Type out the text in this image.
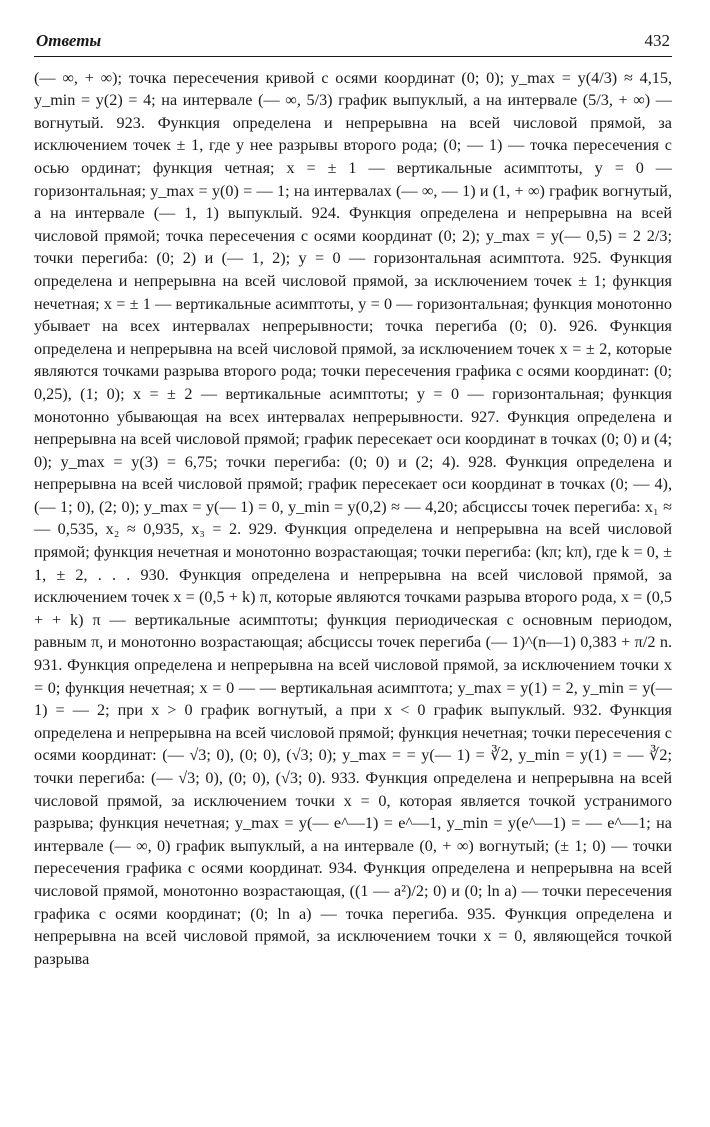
Ответы	432

(— ∞, + ∞); точка пересечения кривой с осями координат (0; 0); y_max = y(4/3) ≈ 4,15, y_min = y(2) = 4; на интервале (— ∞, 5/3) график выпуклый, а на интервале (5/3, + ∞) — вогнутый. 923. Функция определена и непрерывна на всей числовой прямой, за исключением точек ± 1, где у нее разрывы второго рода; (0; — 1) — точка пересечения с осью ординат; функция четная; x = ± 1 — вертикальные асимптоты, y = 0 — горизонтальная; y_max = y(0) = — 1; на интервалах (— ∞, — 1) и (1, + ∞) график вогнутый, а на интервале (— 1, 1) выпуклый. 924. Функция определена и непрерывна на всей числовой прямой; точка пересечения с осями координат (0; 2); y_max = y(— 0,5) = 2 2/3; точки перегиба: (0; 2) и (— 1, 2); y = 0 — горизонтальная асимптота. 925. Функция определена и непрерывна на всей числовой прямой, за исключением точек ± 1; функция нечетная; x = ± 1 — вертикальные асимптоты, y = 0 — горизонтальная; функция монотонно убывает на всех интервалах непрерывности; точка перегиба (0; 0). 926. Функция определена и непрерывна на всей числовой прямой, за исключением точек x = ± 2, которые являются точками разрыва второго рода; точки пересечения графика с осями координат: (0; 0,25), (1; 0); x = ± 2 — вертикальные асимптоты; y = 0 — горизонтальная; функция монотонно убывающая на всех интервалах непрерывности. 927. Функция определена и непрерывна на всей числовой прямой; график пересекает оси координат в точках (0; 0) и (4; 0); y_max = y(3) = 6,75; точки перегиба: (0; 0) и (2; 4). 928. Функция определена и непрерывна на всей числовой прямой; график пересекает оси координат в точках (0; — 4), (— 1; 0), (2; 0); y_max = y(— 1) = 0, y_min = y(0,2) ≈ — 4,20; абсциссы точек перегиба: x₁ ≈ — 0,535, x₂ ≈ 0,935, x₃ = 2. 929. Функция определена и непрерывна на всей числовой прямой; функция нечетная и монотонно возрастающая; точки перегиба: (kπ; kπ), где k = 0, ± 1, ± 2, . . . 930. Функция определена и непрерывна на всей числовой прямой, за исключением точек x = (0,5 + k) π, которые являются точками разрыва второго рода, x = (0,5 + + k) π — вертикальные асимптоты; функция периодическая с основным периодом, равным π, и монотонно возрастающая; абсциссы точек перегиба (— 1)^(n—1) 0,383 + π/2 n. 931. Функция определена и непрерывна на всей числовой прямой, за исключением точки x = 0; функция нечетная; x = 0 — — вертикальная асимптота; y_max = y(1) = 2, y_min = y(— 1) = — 2; при x > 0 график вогнутый, а при x < 0 график выпуклый. 932. Функция определена и непрерывна на всей числовой прямой; функция нечетная; точки пересечения с осями координат: (— √3; 0), (0; 0), (√3; 0); y_max = = y(— 1) = ∛2, y_min = y(1) = — ∛2; точки перегиба: (— √3; 0), (0; 0), (√3; 0). 933. Функция определена и непрерывна на всей числовой прямой, за исключением точки x = 0, которая является точкой устранимого разрыва; функция нечетная; y_max = y(— e^—1) = e^—1, y_min = y(e^—1) = — e^—1; на интервале (— ∞, 0) график выпуклый, а на интервале (0, + ∞) вогнутый; (± 1; 0) — точки пересечения графика с осями координат. 934. Функция определена и непрерывна на всей числовой прямой, монотонно возрастающая, ((1 — a²)/2; 0) и (0; ln a) — точки пересечения графика с осями координат; (0; ln a) — точка перегиба. 935. Функция определена и непрерывна на всей числовой прямой, за исключением точки x = 0, являющейся точкой разрыва
